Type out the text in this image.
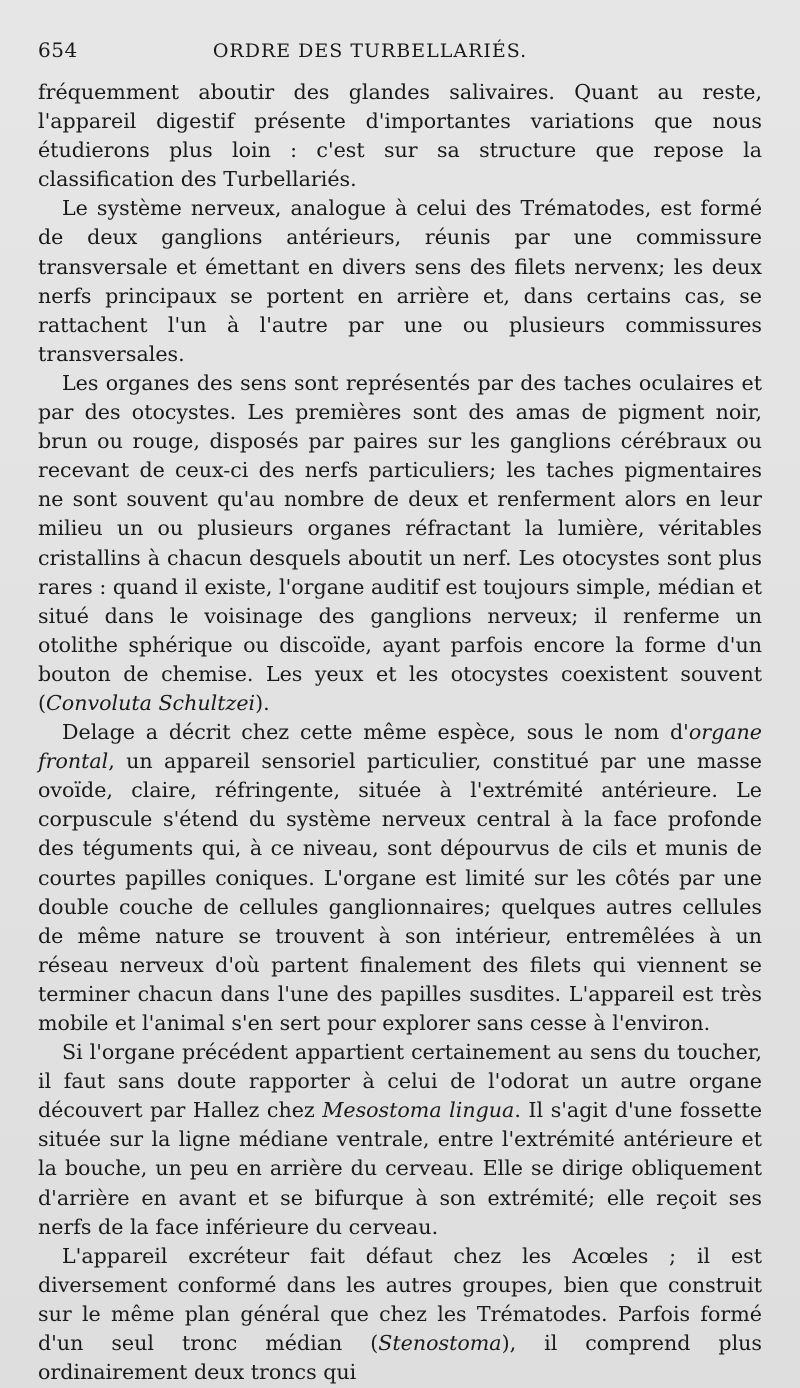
654	ORDRE DES TURBELLARIÉS.

fréquemment aboutir des glandes salivaires. Quant au reste, l'appareil digestif présente d'importantes variations que nous étudierons plus loin : c'est sur sa structure que repose la classification des Turbellariés.

Le système nerveux, analogue à celui des Trématodes, est formé de deux ganglions antérieurs, réunis par une commissure transversale et émettant en divers sens des filets nervenx; les deux nerfs principaux se portent en arrière et, dans certains cas, se rattachent l'un à l'autre par une ou plusieurs commissures transversales.

Les organes des sens sont représentés par des taches oculaires et par des otocystes. Les premières sont des amas de pigment noir, brun ou rouge, disposés par paires sur les ganglions cérébraux ou recevant de ceux-ci des nerfs particuliers; les taches pigmentaires ne sont souvent qu'au nombre de deux et renferment alors en leur milieu un ou plusieurs organes réfractant la lumière, véritables cristallins à chacun desquels aboutit un nerf. Les otocystes sont plus rares : quand il existe, l'organe auditif est toujours simple, médian et situé dans le voisinage des ganglions nerveux; il renferme un otolithe sphérique ou discoïde, ayant parfois encore la forme d'un bouton de chemise. Les yeux et les otocystes coexistent souvent (Convoluta Schultzei).

Delage a décrit chez cette même espèce, sous le nom d'organe frontal, un appareil sensoriel particulier, constitué par une masse ovoïde, claire, réfringente, située à l'extrémité antérieure. Le corpuscule s'étend du système nerveux central à la face profonde des téguments qui, à ce niveau, sont dépourvus de cils et munis de courtes papilles coniques. L'organe est limité sur les côtés par une double couche de cellules ganglionnaires; quelques autres cellules de même nature se trouvent à son intérieur, entremêlées à un réseau nerveux d'où partent finalement des filets qui viennent se terminer chacun dans l'une des papilles susdites. L'appareil est très mobile et l'animal s'en sert pour explorer sans cesse à l'environ.

Si l'organe précédent appartient certainement au sens du toucher, il faut sans doute rapporter à celui de l'odorat un autre organe découvert par Hallez chez Mesostoma lingua. Il s'agit d'une fossette située sur la ligne médiane ventrale, entre l'extrémité antérieure et la bouche, un peu en arrière du cerveau. Elle se dirige obliquement d'arrière en avant et se bifurque à son extrémité; elle reçoit ses nerfs de la face inférieure du cerveau.

L'appareil excréteur fait défaut chez les Acœles ; il est diversement conformé dans les autres groupes, bien que construit sur le même plan général que chez les Trématodes. Parfois formé d'un seul tronc médian (Stenostoma), il comprend plus ordinairement deux troncs qui
